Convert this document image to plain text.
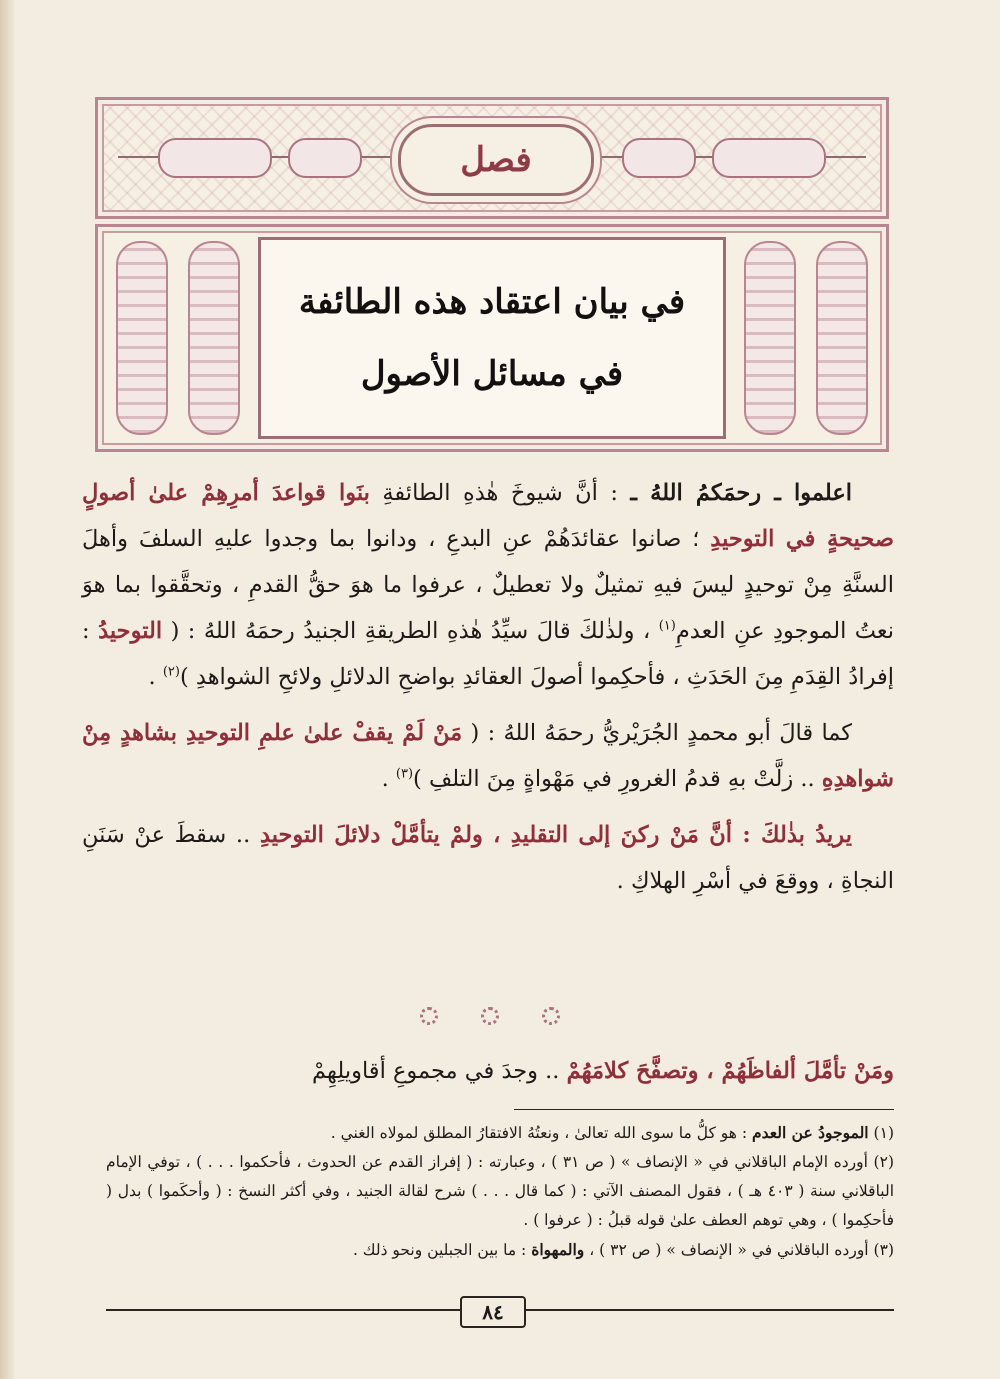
فصل
في بيان اعتقاد هذه الطائفة
في مسائل الأصول

اعلموا ـ رحمَكمُ اللهُ ـ : أنَّ شيوخَ هٰذهِ الطائفةِ بنَوا قواعدَ أمرِهِمْ علىٰ أصولٍ صحيحةٍ في التوحيدِ ؛ صانوا عقائدَهُمْ عنِ البدعِ ، ودانوا بما وجدوا عليهِ السلفَ وأهلَ السنَّةِ مِنْ توحيدٍ ليسَ فيهِ تمثيلٌ ولا تعطيلٌ ، عرفوا ما هوَ حقُّ القدمِ ، وتحقَّقوا بما هوَ نعتُ الموجودِ عنِ العدمِ$^{(١)}$ ، ولذٰلكَ قالَ سيِّدُ هٰذهِ الطريقةِ الجنيدُ رحمَهُ اللهُ : ( التوحيدُ : إفرادُ القِدَمِ مِنَ الحَدَثِ ، فأحكِموا أصولَ العقائدِ بواضحِ الدلائلِ ولائحِ الشواهدِ )$^{(٢)}$ .

كما قالَ أبو محمدٍ الجُرَيْريُّ رحمَهُ اللهُ : ( مَنْ لَمْ يقفْ علىٰ علمِ التوحيدِ بشاهدٍ مِنْ شواهدِهِ .. زلَّتْ بهِ قدمُ الغرورِ في مَهْواةٍ مِنَ التلفِ )$^{(٣)}$ .

يريدُ بذٰلكَ : أنَّ مَنْ ركنَ إلى التقليدِ ، ولمْ يتأمَّلْ دلائلَ التوحيدِ .. سقطَ عنْ سَنَنِ النجاةِ ، ووقعَ في أسْرِ الهلاكِ .

ومَنْ تأمَّلَ ألفاظَهُمْ ، وتصفَّحَ كلامَهُمْ .. وجدَ في مجموعِ أقاويلِهِمْ

(١) الموجودُ عن العدم : هو كلُّ ما سوى الله تعالىٰ ، ونعتُهُ الافتقارُ المطلق لمولاه الغني .

(٢) أورده الإمام الباقلاني في « الإنصاف » ( ص ٣١ ) ، وعبارته : ( إفراز القدم عن الحدوث ، فأحكموا . . . ) ، توفي الإمام الباقلاني سنة ( ٤٠٣ هـ ) ، فقول المصنف الآتي : ( كما قال . . . ) شرح لقالة الجنيد ، وفي أكثر النسخ : ( وأحكَموا ) بدل ( فأحكِموا ) ، وهي توهم العطف علىٰ قوله قبلُ : ( عرفوا ) .

(٣) أورده الباقلاني في « الإنصاف » ( ص ٣٢ ) ، والمهواة : ما بين الجبلين ونحو ذلك .

٨٤
